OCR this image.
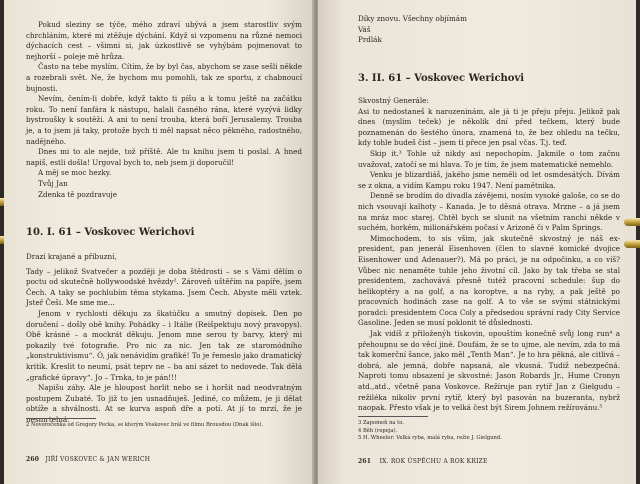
Pokud sleziny se týče, mého zdraví ubývá a jsem starostliv svým chrchláním, které mi ztěžuje dýchání. Když si vzpomenu na různé nemoci dýchacích cest – všimni si, jak úzkostlivě se vyhýbám pojmenovat to nejhorší – poleje mě hrůza.

Často na tebe myslím. Cítím, že by byl čas, abychom se zase sešli někde a rozebrali svět. Ne, že bychom mu pomohli, tak ze sportu, z chabnoucí bujnosti.

Nevím, čením-li dobře, když takto ti píšu a k tomu ještě na začátku roku. To není fanfára k nástupu, halali časného rána, které vyzývá lidky bystroušky k soutěži. A ani to není trouba, která boří Jerusalemy. Trouba je, a to jsem já taky, protože bych ti měl napsat něco pěkného, radostného, nadějného.

Dnes mi to ale nejde, tož příště. Ale tu knihu jsem ti poslal. A hned napiš, estli došla! Urgoval bych to, neb jsem ji doporučil!

A měj se moc hezky.

Tvůj Jan

Zdenka tě pozdravuje

10. I. 61 – Voskovec Werichovi

Drazí krajané a příbuzní,

Tady – jelikož Svatvečer a později je doba štědrosti – se s Vámi dělím o poctu od skutečně hollywoodské hvězdy². Zároveň uštěřím na papíře, jsem Čech. A taky se pochlubím těma stykama. Jsem Čech. Abyste měli vztek. Jsteř Češi. Me sme me…

Jenom v rychlosti děkuju za škatúčku a smutný dopísek. Den po doručení – došly obě knihy. Pohádky – i Itálie (Reišpektuju nový pravopys). Obě krásné – a mockrát děkuju. Jenom mne serou ty barvy, který mi pokazily tvé fotografie. Pro nic za nic. Jen tak ze staromódního „konstruktivismu“. Ó, jak nenávidím grafiké! To je řemeslo jako dramatický kritik. Kreslit to neumí, psát teprv ne – ba ani sázet to nedovede. Tak dělá „grafické úpravy“. Jo – Trnka, to je pán!!!

Napišu záhy. Ale je hloupost horlit nebo se i horšit nad neodvratným postupem Zubaté. To již to jen usnadňuješ. Jediné, co můžem, je ji dělat obtíže a shválnosti. At se kurva aspoň dře a potí. At jí to mrzí, že je nesmrtelná.

2 Novoročenka od Gregory Pecka, se kterým Voskovec hrál ve filmu Brousdou (Dnak išlo).

260 JIŘÍ VOSKOVEC & JAN WERICH

Díky znovu. Všechny objímám

Váš

Prdlák

3. II. 61 – Voskovec Werichovi

Skvostný Generále:

Asi to nedostaneš k narozeninám, ale já ti je přeju přeju. Jelikož pak dnes (myslím teček) je několik dní před tečkem, který bude poznamenán do šestého února, znamená to, že bez ohledu na tečku, kdy tohle budeš číst – jsem ti přece jen psal včas. T.j. teď.

Skip it.³ Tohle už nikdy asi nepochopím. Jakmile o tom začnu uvažovat, zatočí se mi hlava. To je tím, že jsem matematické nemehlo.

Venku je blizardiáš, jakého jsme neměli od let osmdesátých. Dívám se z okna, a vidím Kampu roku 1947. Není pamětnika.

Denně se brodím do divadla závějemi, nosím vysoké galoše, co se do nich vsouvají kalhoty – Kanada. Je to děsná otrava. Mrzne – a já jsem na mráz moc starej. Chtěl bych se slunit na všetním ranchi někde v suchém, horkém, milionářském počasí v Arizoně či v Palm Springs.

Mimochodem, to sis všim, jak skutečně skvostný je náš ex-president, pan jenerál Eisenhoven (člen to slavné komické dvojice Eisenhower und Adenauer?). Má po práci, je na odpočinku, a co víš? Vůbec nic nenaměte tuhle jeho životní cíl. Jako by tak třeba se stal presidentem, zachovává přesně tutéž pracovní schedule: šup do helikoptéry a na golf, a na koroptve, a na ryby, a pak ještě po pracovních hodinách zase na golf. A to vše se svými státnickými poradci: presidentem Coca Coly a předsedou správní rady City Service Gasoline. Jeden se musí poklonit té důslednosti.

Jak vidíš z přiloženýh tiskovin, opouštím konečně svůj long run⁴ a přehoupnu se do věcí jiné. Doufám, že se to ujme, ale nevím, zda to má tak komerční šance, jako měl „Tenth Man“. Je to hra pěkná, ale citlivá – dobrá, ale jemná, dobře napsaná, ale vkusná. Tudiž nebezpečná. Naproti tomu obsazení je skvostné: Jason Robards Jr., Hume Cronyn atd.,atd., včetně pana Voskovce. Režíruje pan rytíř Jan z Gielgudu – režiléka nikoliv první rytíř, který byl pasován na buzeranta, nybrž naopak. Přesto však je to velká čest být Sirem Johnem režírovánu.⁵

3 Zapomeň na to.

4 Běh (repeja).

5 H. Wheeler: Velká ryba, malá ryba, režie J. Gielgund.

261 IX. ROK ÚSPĚCHU A ROK KRIZE
